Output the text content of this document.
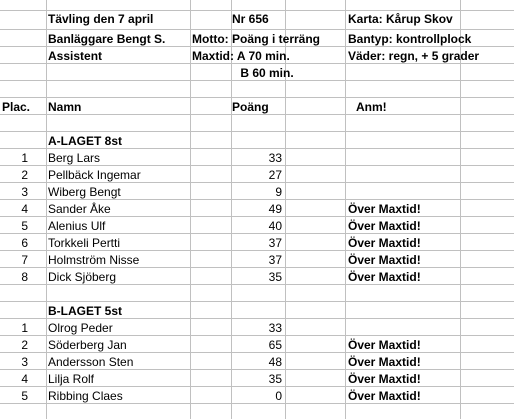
Tävling den 7 april	Nr 656	Karta: Kårup Skov
Banläggare Bengt S.	Motto: Poäng i terräng	Bantyp: kontrollplock
Assistent	Maxtid: A 70 min.	Väder: regn, + 5 grader
B 60 min.
Plac.	Namn	Poäng	Anm!
A-LAGET 8st
1 Berg Lars	33
2 Pellbäck Ingemar	27
3 Wiberg Bengt	9
4 Sander Åke	49	Över Maxtid!
5 Alenius Ulf	40	Över Maxtid!
6 Torkkeli Pertti	37	Över Maxtid!
7 Holmström Nisse	37	Över Maxtid!
8 Dick Sjöberg	35	Över Maxtid!
B-LAGET 5st
1 Olrog Peder	33
2 Söderberg Jan	65	Över Maxtid!
3 Andersson Sten	48	Över Maxtid!
4 Lilja Rolf	35	Över Maxtid!
5 Ribbing Claes	0	Över Maxtid!
